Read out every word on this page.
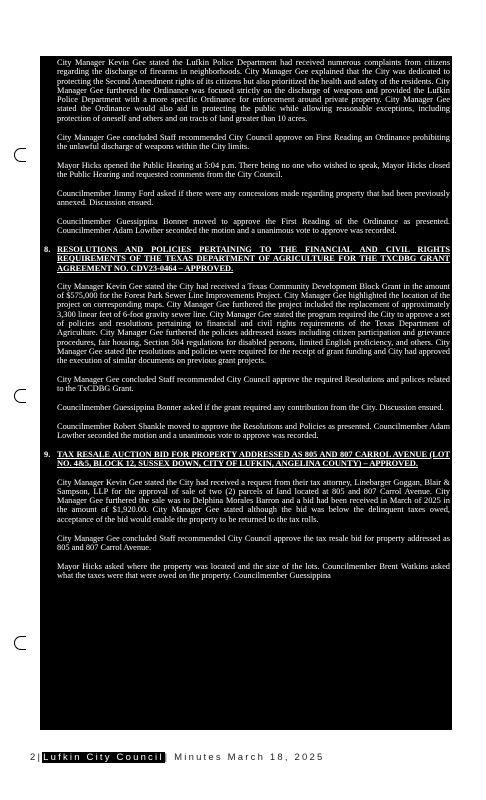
City Manager Kevin Gee stated the Lufkin Police Department had received numerous complaints from citizens regarding the discharge of firearms in neighborhoods. City Manager Gee explained that the City was dedicated to protecting the Second Amendment rights of its citizens but also prioritized the health and safety of the residents. City Manager Gee furthered the Ordinance was focused strictly on the discharge of weapons and provided the Lufkin Police Department with a more specific Ordinance for enforcement around private property. City Manager Gee stated the Ordinance would also aid in protecting the public while allowing reasonable exceptions, including protection of oneself and others and on tracts of land greater than 10 acres.

City Manager Gee concluded Staff recommended City Council approve on First Reading an Ordinance prohibiting the unlawful discharge of weapons within the City limits.

Mayor Hicks opened the Public Hearing at 5:04 p.m. There being no one who wished to speak, Mayor Hicks closed the Public Hearing and requested comments from the City Council.

Councilmember Jimmy Ford asked if there were any concessions made regarding property that had been previously annexed. Discussion ensued.

Councilmember Guessippina Bonner moved to approve the First Reading of the Ordinance as presented. Councilmember Adam Lowther seconded the motion and a unanimous vote to approve was recorded.

8. RESOLUTIONS AND POLICIES PERTAINING TO THE FINANCIAL AND CIVIL RIGHTS REQUIREMENTS OF THE TEXAS DEPARTMENT OF AGRICULTURE FOR THE TXCDBG GRANT AGREEMENT NO. CDV23-0464 – APPROVED.

City Manager Kevin Gee stated the City had received a Texas Community Development Block Grant in the amount of $575,000 for the Forest Park Sewer Line Improvements Project. City Manager Gee highlighted the location of the project on corresponding maps. City Manager Gee furthered the project included the replacement of approximately 3,300 linear feet of 6-foot gravity sewer line. City Manager Gee stated the program required the City to approve a set of policies and resolutions pertaining to financial and civil rights requirements of the Texas Department of Agriculture. City Manager Gee furthered the policies addressed issues including citizen participation and grievance procedures, fair housing, Section 504 regulations for disabled persons, limited English proficiency, and others. City Manager Gee stated the resolutions and policies were required for the receipt of grant funding and City had approved the execution of similar documents on previous grant projects.

City Manager Gee concluded Staff recommended City Council approve the required Resolutions and polices related to the TxCDBG Grant.

Councilmember Guessippina Bonner asked if the grant required any contribution from the City. Discussion ensued.

Councilmember Robert Shankle moved to approve the Resolutions and Policies as presented. Councilmember Adam Lowther seconded the motion and a unanimous vote to approve was recorded.

9. TAX RESALE AUCTION BID FOR PROPERTY ADDRESSED AS 805 AND 807 CARROL AVENUE (LOT NO. 4&5, BLOCK 12, SUSSEX DOWN, CITY OF LUFKIN, ANGELINA COUNTY) – APPROVED.

City Manager Kevin Gee stated the City had received a request from their tax attorney, Linebarger Goggan, Blair & Sampson, LLP for the approval of sale of two (2) parcels of land located at 805 and 807 Carrol Avenue. City Manager Gee furthered the sale was to Delphina Morales Barron and a bid had been received in March of 2025 in the amount of $1,920.00. City Manager Gee stated although the bid was below the delinquent taxes owed, acceptance of the bid would enable the property to be returned to the tax rolls.

City Manager Gee concluded Staff recommended City Council approve the tax resale bid for property addressed as 805 and 807 Carrol Avenue.

Mayor Hicks asked where the property was located and the size of the lots. Councilmember Brent Watkins asked what the taxes were that were owed on the property. Councilmember Guessippina

2|Lufkin City Council| Minutes March 18, 2025
